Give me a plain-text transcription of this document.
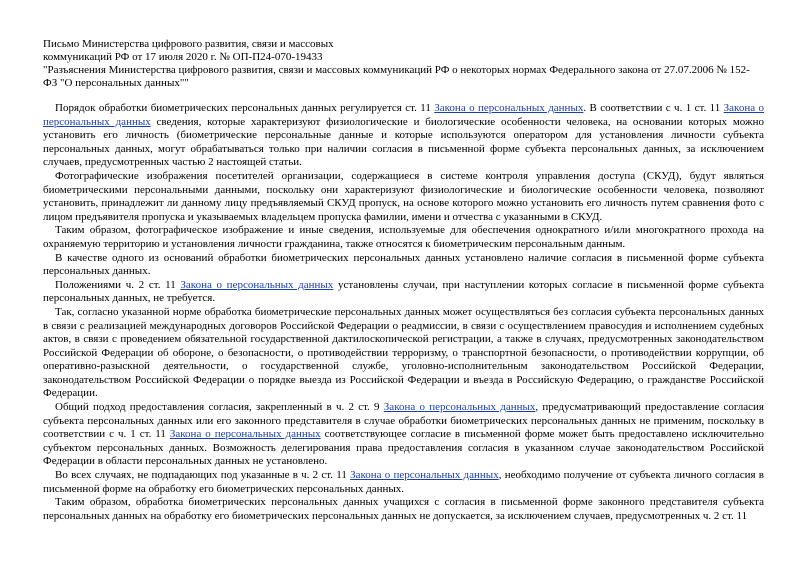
Письмо Министерства цифрового развития, связи и массовых
коммуникаций РФ от 17 июля 2020 г. № ОП-П24-070-19433
"Разъяснения Министерства цифрового развития, связи и массовых коммуникаций РФ о некоторых нормах Федерального закона от 27.07.2006 № 152-
ФЗ "О персональных данных""

Порядок обработки биометрических персональных данных регулируется ст. 11 Закона о персональных данных. В соответствии с ч. 1 ст. 11 Закона о персональных данных сведения, которые характеризуют физиологические и биологические особенности человека, на основании которых можно установить его личность (биометрические персональные данные и которые используются оператором для установления личности субъекта персональных данных, могут обрабатываться только при наличии согласия в письменной форме субъекта персональных данных, за исключением случаев, предусмотренных частью 2 настоящей статьи.

Фотографические изображения посетителей организации, содержащиеся в системе контроля управления доступа (СКУД), будут являться биометрическими персональными данными, поскольку они характеризуют физиологические и биологические особенности человека, позволяют установить, принадлежит ли данному лицу предъявляемый СКУД пропуск, на основе которого можно установить его личность путем сравнения фото с лицом предъявителя пропуска и указываемых владельцем пропуска фамилии, имени и отчества с указанными в СКУД.

Таким образом, фотографическое изображение и иные сведения, используемые для обеспечения однократного и/или многократного прохода на охраняемую территорию и установления личности гражданина, также относятся к биометрическим персональным данным.

В качестве одного из оснований обработки биометрических персональных данных установлено наличие согласия в письменной форме субъекта персональных данных.

Положениями ч. 2 ст. 11 Закона о персональных данных установлены случаи, при наступлении которых согласие в письменной форме субъекта персональных данных, не требуется.

Так, согласно указанной норме обработка биометрические персональных данных может осуществляться без согласия субъекта персональных данных в связи с реализацией международных договоров Российской Федерации о реадмиссии, в связи с осуществлением правосудия и исполнением судебных актов, в связи с проведением обязательной государственной дактилоскопической регистрации, а также в случаях, предусмотренных законодательством Российской Федерации об обороне, о безопасности, о противодействии терроризму, о транспортной безопасности, о противодействии коррупции, об оперативно-разыскной деятельности, о государственной службе, уголовно-исполнительным законодательством Российской Федерации, законодательством Российской Федерации о порядке выезда из Российской Федерации и въезда в Российскую Федерацию, о гражданстве Российской Федерации.

Общий подход предоставления согласия, закрепленный в ч. 2 ст. 9 Закона о персональных данных, предусматривающий предоставление согласия субъекта персональных данных или его законного представителя в случае обработки биометрических персональных данных не применим, поскольку в соответствии с ч. 1 ст. 11 Закона о персональных данных соответствующее согласие в письменной форме может быть предоставлено исключительно субъектом персональных данных. Возможность делегирования права предоставления согласия в указанном случае законодательством Российской Федерации в области персональных данных не установлено.

Во всех случаях, не подпадающих под указанные в ч. 2 ст. 11 Закона о персональных данных, необходимо получение от субъекта личного согласия в письменной форме на обработку его биометрических персональных данных.

Таким образом, обработка биометрических персональных данных учащихся с согласия в письменной форме законного представителя субъекта персональных данных на обработку его биометрических персональных данных не допускается, за исключением случаев, предусмотренных ч. 2 ст. 11
